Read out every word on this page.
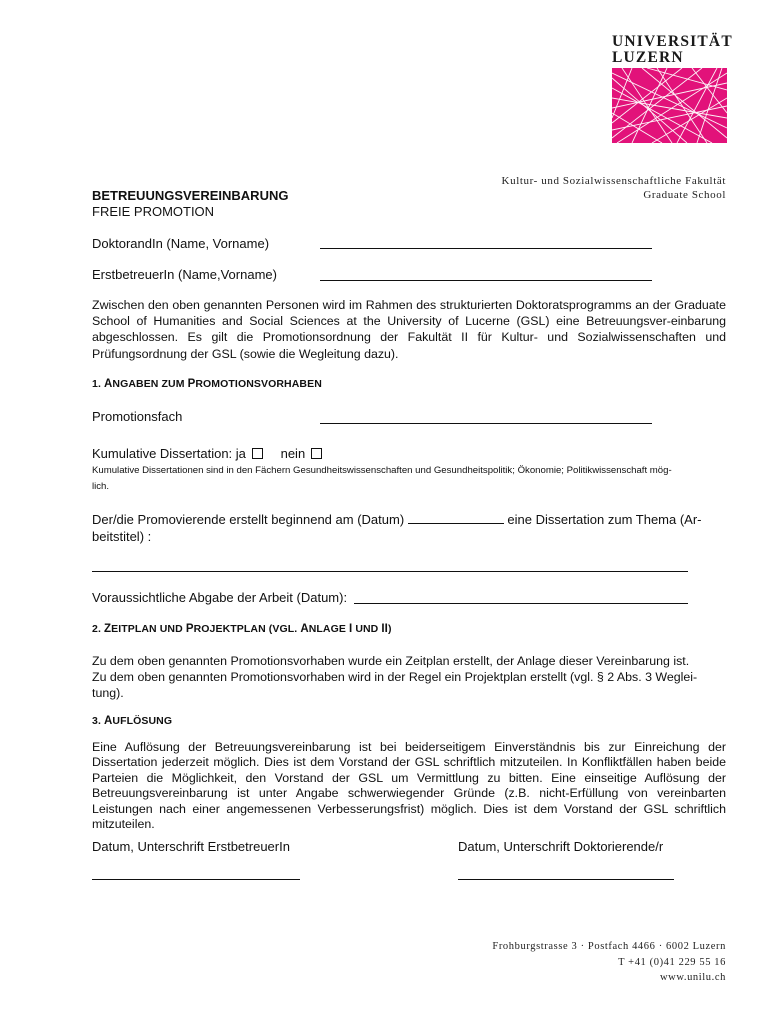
UNIVERSITÄT
LUZERN
Kultur- und Sozialwissenschaftliche Fakultät
Graduate School
BETREUUNGSVEREINBARUNG
FREIE PROMOTION
DoktorandIn (Name, Vorname)
ErstbetreuerIn (Name,Vorname)
Zwischen den oben genannten Personen wird im Rahmen des strukturierten Doktoratsprogramms an der Graduate School of Humanities and Social Sciences at the University of Lucerne (GSL) eine Betreuungsver-einbarung abgeschlossen. Es gilt die Promotionsordnung der Fakultät II für Kultur- und Sozialwissenschaften und Prüfungsordnung der GSL (sowie die Wegleitung dazu).
1. ANGABEN ZUM PROMOTIONSVORHABEN
Promotionsfach
Kumulative Dissertation: ja	nein
Kumulative Dissertationen sind in den Fächern Gesundheitswissenschaften und Gesundheitspolitik; Ökonomie; Politikwissenschaft mög-
lich.
Der/die Promovierende erstellt beginnend am (Datum)	eine Dissertation zum Thema (Ar-
beitstitel) :
Voraussichtliche Abgabe der Arbeit (Datum):
2. ZEITPLAN UND PROJEKTPLAN (VGL. ANLAGE I UND II)
Zu dem oben genannten Promotionsvorhaben wurde ein Zeitplan erstellt, der Anlage dieser Vereinbarung ist.
Zu dem oben genannten Promotionsvorhaben wird in der Regel ein Projektplan erstellt (vgl. § 2 Abs. 3 Weglei-
tung).
3. AUFLÖSUNG
Eine Auflösung der Betreuungsvereinbarung ist bei beiderseitigem Einverständnis bis zur Einreichung der Dissertation jederzeit möglich. Dies ist dem Vorstand der GSL schriftlich mitzuteilen. In Konfliktfällen haben beide Parteien die Möglichkeit, den Vorstand der GSL um Vermittlung zu bitten. Eine einseitige Auflösung der Betreuungsvereinbarung ist unter Angabe schwerwiegender Gründe (z.B. nicht-Erfüllung von vereinbarten Leistungen nach einer angemessenen Verbesserungsfrist) möglich. Dies ist dem Vorstand der GSL schriftlich mitzuteilen.
Datum, Unterschrift ErstbetreuerIn	Datum, Unterschrift Doktorierende/r
Frohburgstrasse 3 · Postfach 4466 · 6002 Luzern
T +41 (0)41 229 55 16
www.unilu.ch
